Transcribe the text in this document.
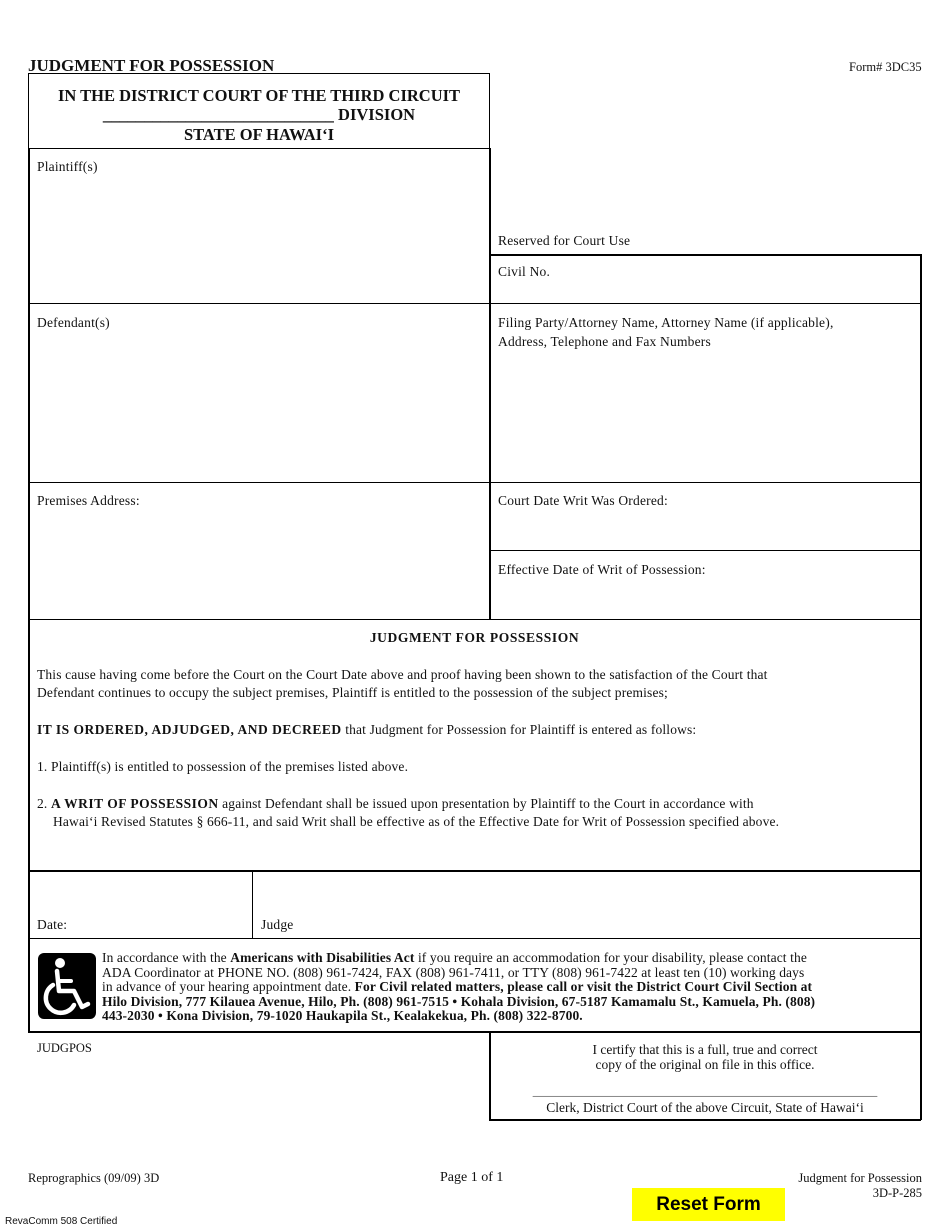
JUDGMENT FOR POSSESSION	Form# 3DC35
IN THE DISTRICT COURT OF THE THIRD CIRCUIT
____________________________ DIVISION
STATE OF HAWAI‘I
Plaintiff(s)
Reserved for Court Use
Civil No.
Defendant(s)	Filing Party/Attorney Name, Attorney Name (if applicable),
Address, Telephone and Fax Numbers
Premises Address:	Court Date Writ Was Ordered:
Effective Date of Writ of Possession:
JUDGMENT FOR POSSESSION
This cause having come before the Court on the Court Date above and proof having been shown to the satisfaction of the Court that
Defendant continues to occupy the subject premises, Plaintiff is entitled to the possession of the subject premises;
IT IS ORDERED, ADJUDGED, AND DECREED that Judgment for Possession for Plaintiff is entered as follows:
1. Plaintiff(s) is entitled to possession of the premises listed above.
2. A WRIT OF POSSESSION against Defendant shall be issued upon presentation by Plaintiff to the Court in accordance with
Hawai‘i Revised Statutes § 666-11, and said Writ shall be effective as of the Effective Date for Writ of Possession specified above.
Date:	Judge
In accordance with the Americans with Disabilities Act if you require an accommodation for your disability, please contact the
ADA Coordinator at PHONE NO. (808) 961-7424, FAX (808) 961-7411, or TTY (808) 961-7422 at least ten (10) working days
in advance of your hearing appointment date. For Civil related matters, please call or visit the District Court Civil Section at
Hilo Division, 777 Kilauea Avenue, Hilo, Ph. (808) 961-7515 • Kohala Division, 67-5187 Kamamalu St., Kamuela, Ph. (808)
443-2030 • Kona Division, 79-1020 Haukapila St., Kealakekua, Ph. (808) 322-8700.
JUDGPOS	I certify that this is a full, true and correct
copy of the original on file in this office.
_____________________________________________________
Clerk, District Court of the above Circuit, State of Hawai‘i
Reprographics (09/09) 3D	Page 1 of 1	Judgment for Possession
3D-P-285
RevaComm 508 Certified
Reset Form
